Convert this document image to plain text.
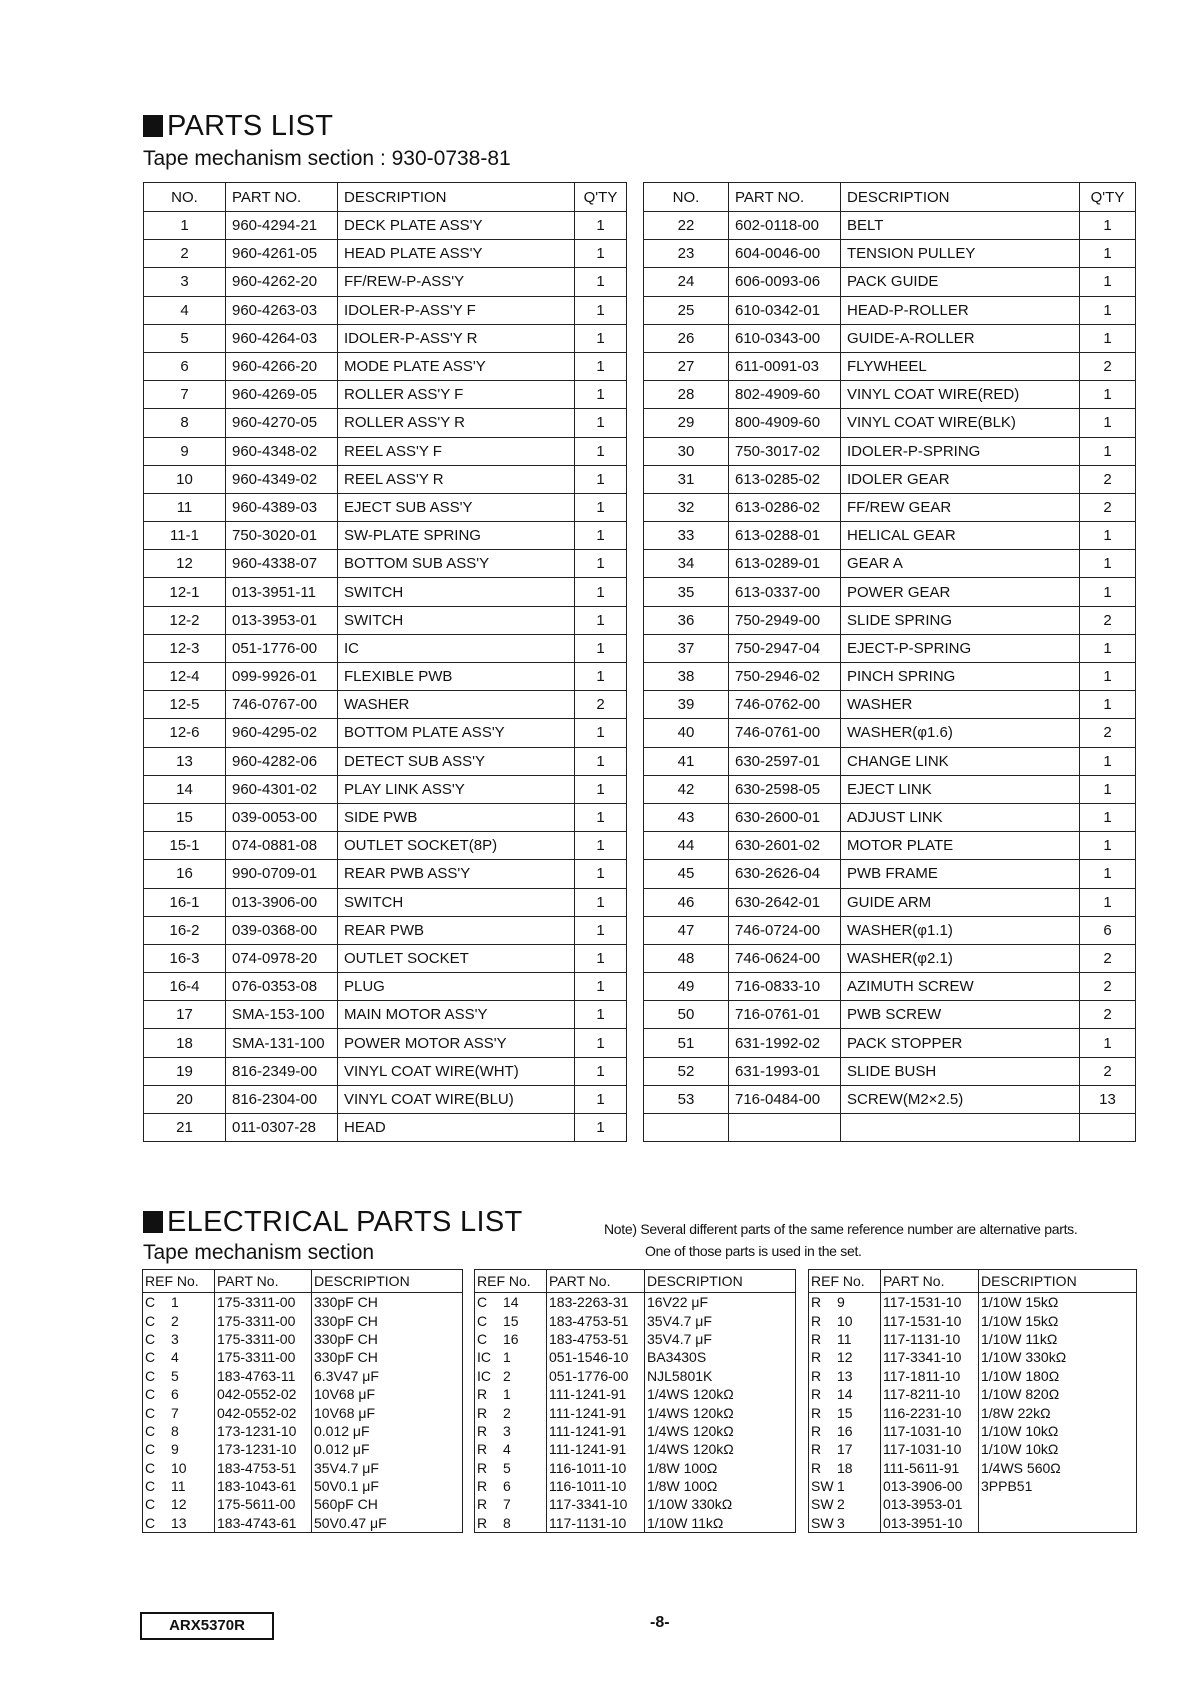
PARTS LIST
Tape mechanism section : 930-0738-81
NO.	PART NO.	DESCRIPTION	Q'TY
1	960-4294-21	DECK PLATE ASS'Y	1
2	960-4261-05	HEAD PLATE ASS'Y	1
3	960-4262-20	FF/REW-P-ASS'Y	1
4	960-4263-03	IDOLER-P-ASS'Y F	1
5	960-4264-03	IDOLER-P-ASS'Y R	1
6	960-4266-20	MODE PLATE ASS'Y	1
7	960-4269-05	ROLLER ASS'Y F	1
8	960-4270-05	ROLLER ASS'Y R	1
9	960-4348-02	REEL ASS'Y F	1
10	960-4349-02	REEL ASS'Y R	1
11	960-4389-03	EJECT SUB ASS'Y	1
11-1	750-3020-01	SW-PLATE SPRING	1
12	960-4338-07	BOTTOM SUB ASS'Y	1
12-1	013-3951-11	SWITCH	1
12-2	013-3953-01	SWITCH	1
12-3	051-1776-00	IC	1
12-4	099-9926-01	FLEXIBLE PWB	1
12-5	746-0767-00	WASHER	2
12-6	960-4295-02	BOTTOM PLATE ASS'Y	1
13	960-4282-06	DETECT SUB ASS'Y	1
14	960-4301-02	PLAY LINK ASS'Y	1
15	039-0053-00	SIDE PWB	1
15-1	074-0881-08	OUTLET SOCKET(8P)	1
16	990-0709-01	REAR PWB ASS'Y	1
16-1	013-3906-00	SWITCH	1
16-2	039-0368-00	REAR PWB	1
16-3	074-0978-20	OUTLET SOCKET	1
16-4	076-0353-08	PLUG	1
17	SMA-153-100	MAIN MOTOR ASS'Y	1
18	SMA-131-100	POWER MOTOR ASS'Y	1
19	816-2349-00	VINYL COAT WIRE(WHT)	1
20	816-2304-00	VINYL COAT WIRE(BLU)	1
21	011-0307-28	HEAD	1
NO.	PART NO.	DESCRIPTION	Q'TY
22	602-0118-00	BELT	1
23	604-0046-00	TENSION PULLEY	1
24	606-0093-06	PACK GUIDE	1
25	610-0342-01	HEAD-P-ROLLER	1
26	610-0343-00	GUIDE-A-ROLLER	1
27	611-0091-03	FLYWHEEL	2
28	802-4909-60	VINYL COAT WIRE(RED)	1
29	800-4909-60	VINYL COAT WIRE(BLK)	1
30	750-3017-02	IDOLER-P-SPRING	1
31	613-0285-02	IDOLER GEAR	2
32	613-0286-02	FF/REW GEAR	2
33	613-0288-01	HELICAL GEAR	1
34	613-0289-01	GEAR A	1
35	613-0337-00	POWER GEAR	1
36	750-2949-00	SLIDE SPRING	2
37	750-2947-04	EJECT-P-SPRING	1
38	750-2946-02	PINCH SPRING	1
39	746-0762-00	WASHER	1
40	746-0761-00	WASHER(φ1.6)	2
41	630-2597-01	CHANGE LINK	1
42	630-2598-05	EJECT LINK	1
43	630-2600-01	ADJUST LINK	1
44	630-2601-02	MOTOR PLATE	1
45	630-2626-04	PWB FRAME	1
46	630-2642-01	GUIDE ARM	1
47	746-0724-00	WASHER(φ1.1)	6
48	746-0624-00	WASHER(φ2.1)	2
49	716-0833-10	AZIMUTH SCREW	2
50	716-0761-01	PWB SCREW	2
51	631-1992-02	PACK STOPPER	1
52	631-1993-01	SLIDE BUSH	2
53	716-0484-00	SCREW(M2×2.5)	13

ELECTRICAL PARTS LIST
Tape mechanism section
Note) Several different parts of the same reference number are alternative parts.
One of those parts is used in the set.
REF No.	PART No.	DESCRIPTION
C 1	175-3311-00	330pF CH
C 2	175-3311-00	330pF CH
C 3	175-3311-00	330pF CH
C 4	175-3311-00	330pF CH
C 5	183-4763-11	6.3V47 μF
C 6	042-0552-02	10V68 μF
C 7	042-0552-02	10V68 μF
C 8	173-1231-10	0.012 μF
C 9	173-1231-10	0.012 μF
C 10	183-4753-51	35V4.7 μF
C 11	183-1043-61	50V0.1 μF
C 12	175-5611-00	560pF CH
C 13	183-4743-61	50V0.47 μF
REF No.	PART No.	DESCRIPTION
C 14	183-2263-31	16V22 μF
C 15	183-4753-51	35V4.7 μF
C 16	183-4753-51	35V4.7 μF
IC 1	051-1546-10	BA3430S
IC 2	051-1776-00	NJL5801K
R 1	111-1241-91	1/4WS 120kΩ
R 2	111-1241-91	1/4WS 120kΩ
R 3	111-1241-91	1/4WS 120kΩ
R 4	111-1241-91	1/4WS 120kΩ
R 5	116-1011-10	1/8W 100Ω
R 6	116-1011-10	1/8W 100Ω
R 7	117-3341-10	1/10W 330kΩ
R 8	117-1131-10	1/10W 11kΩ
REF No.	PART No.	DESCRIPTION
R 9	117-1531-10	1/10W 15kΩ
R 10	117-1531-10	1/10W 15kΩ
R 11	117-1131-10	1/10W 11kΩ
R 12	117-3341-10	1/10W 330kΩ
R 13	117-1811-10	1/10W 180Ω
R 14	117-8211-10	1/10W 820Ω
R 15	116-2231-10	1/8W 22kΩ
R 16	117-1031-10	1/10W 10kΩ
R 17	117-1031-10	1/10W 10kΩ
R 18	111-5611-91	1/4WS 560Ω
SW 1	013-3906-00	3PPB51
SW 2	013-3953-01	
SW 3	013-3951-10	
ARX5370R	-8-
